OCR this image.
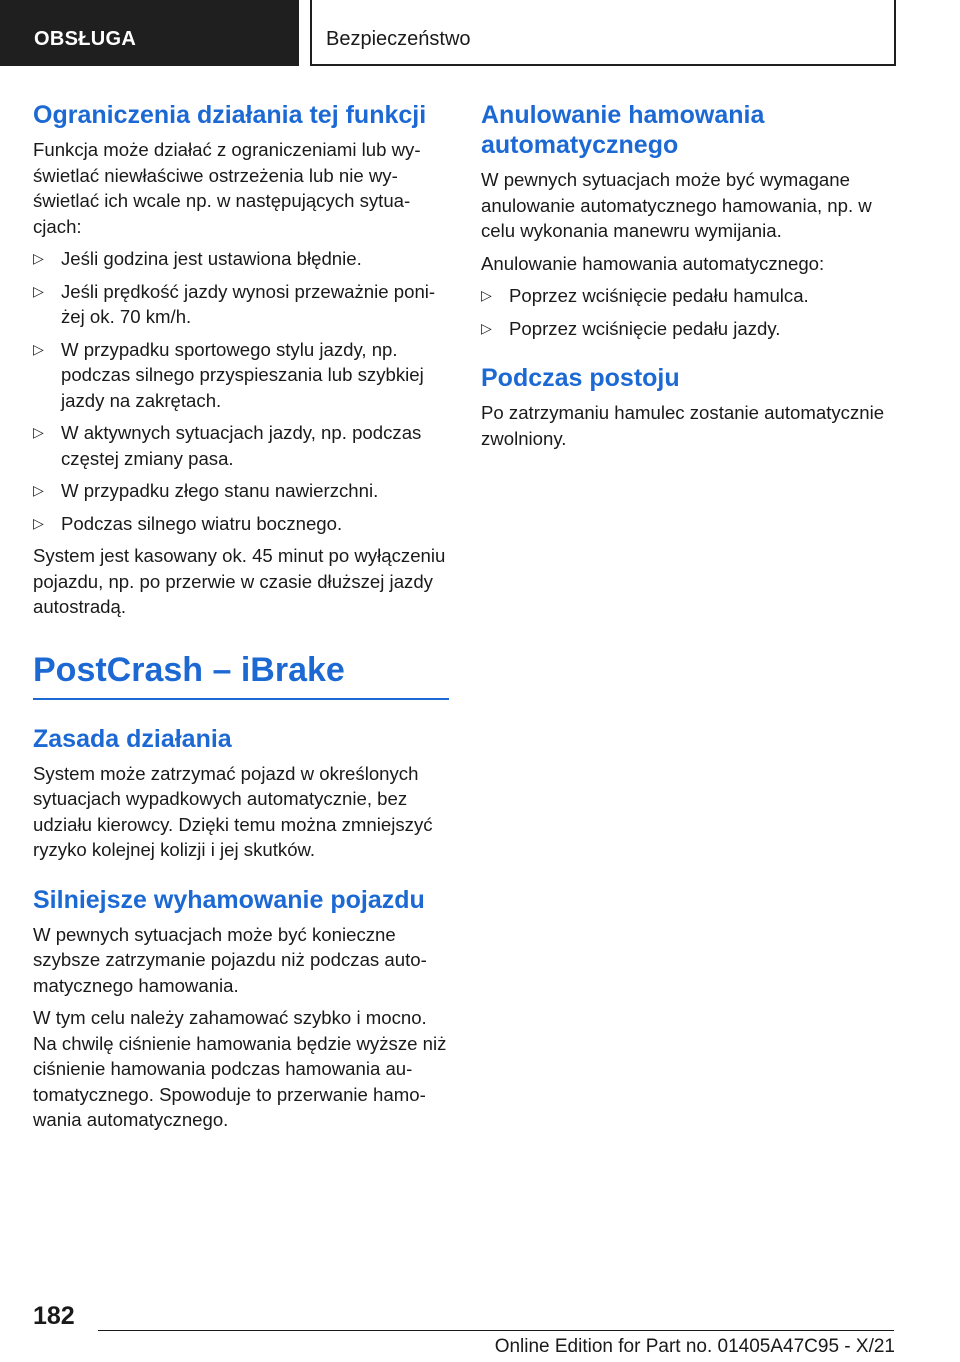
OBSŁUGA	Bezpieczeństwo
Ograniczenia działania tej funkcji

Funkcja może działać z ograniczeniami lub wyświetlać niewłaściwe ostrzeżenia lub nie wyświetlać ich wcale np. w następujących sytuacjach:

▷ Jeśli godzina jest ustawiona błędnie.
▷ Jeśli prędkość jazdy wynosi przeważnie poniżej ok. 70 km/h.
▷ W przypadku sportowego stylu jazdy, np. podczas silnego przyspieszania lub szybkiej jazdy na zakrętach.
▷ W aktywnych sytuacjach jazdy, np. podczas częstej zmiany pasa.
▷ W przypadku złego stanu nawierzchni.
▷ Podczas silnego wiatru bocznego.

System jest kasowany ok. 45 minut po wyłączeniu pojazdu, np. po przerwie w czasie dłuższej jazdy autostradą.

PostCrash – iBrake
Zasada działania

System może zatrzymać pojazd w określonych sytuacjach wypadkowych automatycznie, bez udziału kierowcy. Dzięki temu można zmniejszyć ryzyko kolejnej kolizji i jej skutków.

Silniejsze wyhamowanie pojazdu

W pewnych sytuacjach może być konieczne szybsze zatrzymanie pojazdu niż podczas automatycznego hamowania.

W tym celu należy zahamować szybko i mocno. Na chwilę ciśnienie hamowania będzie wyższe niż ciśnienie hamowania podczas hamowania automatycznego. Spowoduje to przerwanie hamowania automatycznego.

Anulowanie hamowania automatycznego

W pewnych sytuacjach może być wymagane anulowanie automatycznego hamowania, np. w celu wykonania manewru wymijania.

Anulowanie hamowania automatycznego:

▷ Poprzez wciśnięcie pedału hamulca.
▷ Poprzez wciśnięcie pedału jazdy.
Podczas postoju

Po zatrzymaniu hamulec zostanie automatycznie zwolniony.

182
Online Edition for Part no. 01405A47C95 - X/21
